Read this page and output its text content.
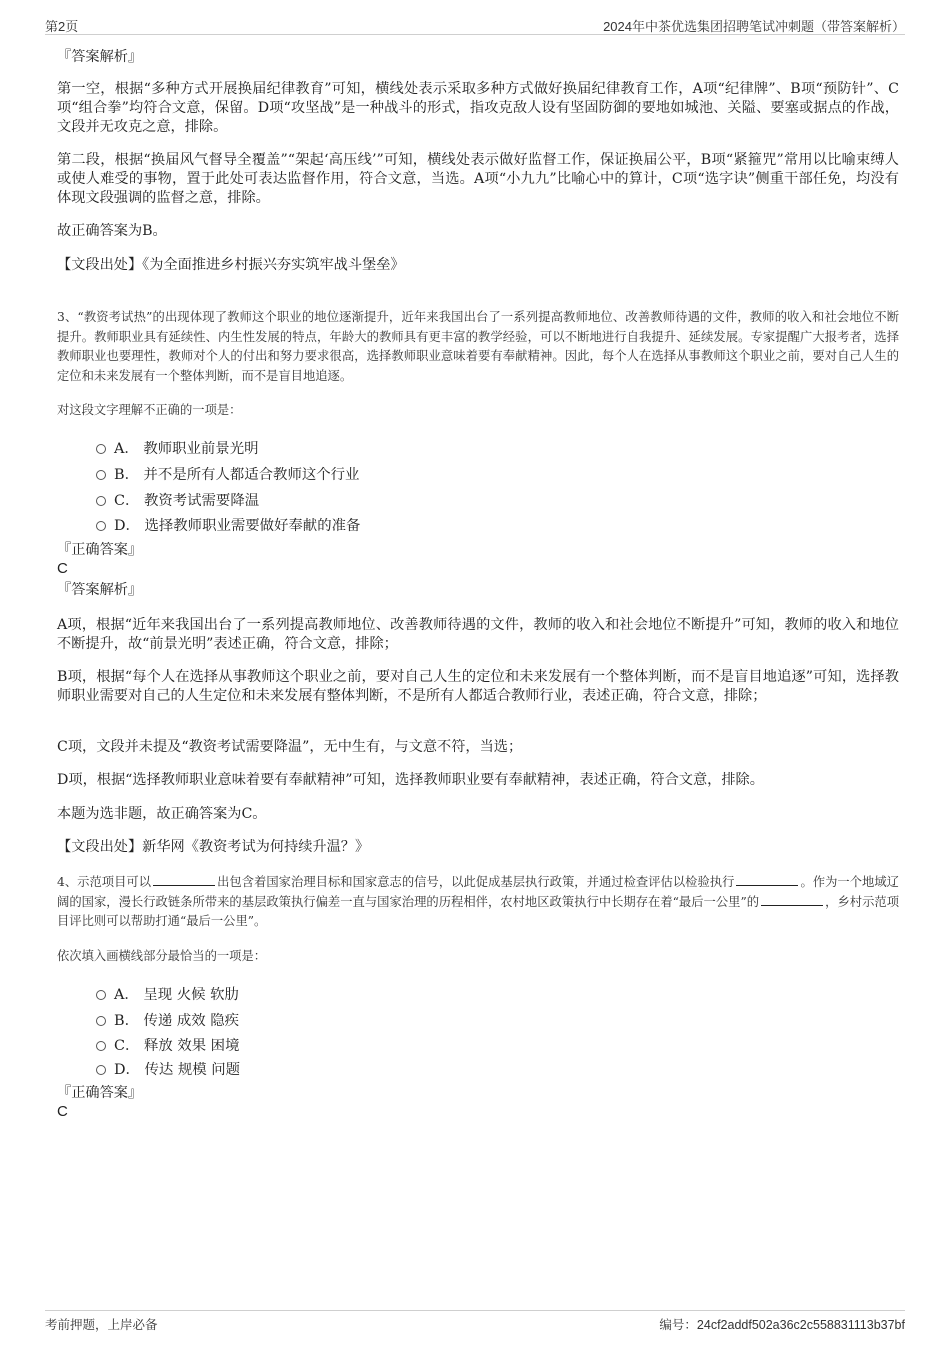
第2页	2024年中茶优选集团招聘笔试冲刺题（带答案解析）
『答案解析』

第一空，根据“多种方式开展换届纪律教育”可知，横线处表示采取多种方式做好换届纪律教育工作，A项“纪律牌”、B项“预防针”、C项“组合拳”均符合文意，保留。D项“攻坚战”是一种战斗的形式，指攻克敌人设有坚固防御的要地如城池、关隘、要塞或据点的作战，文段并无攻克之意，排除。

第二段，根据“换届风气督导全覆盖”“架起‘高压线’”可知，横线处表示做好监督工作，保证换届公平，B项“紧箍咒”常用以比喻束缚人或使人难受的事物，置于此处可表达监督作用，符合文意，当选。A项“小九九”比喻心中的算计，C项“选字诀”侧重干部任免，均没有体现文段强调的监督之意，排除。

故正确答案为B。

【文段出处】《为全面推进乡村振兴夯实筑牢战斗堡垒》

3、“教资考试热”的出现体现了教师这个职业的地位逐渐提升，近年来我国出台了一系列提高教师地位、改善教师待遇的文件，教师的收入和社会地位不断提升。教师职业具有延续性、内生性发展的特点，年龄大的教师具有更丰富的教学经验，可以不断地进行自我提升、延续发展。专家提醒广大报考者，选择教师职业也要理性，教师对个人的付出和努力要求很高，选择教师职业意味着要有奉献精神。因此，每个人在选择从事教师这个职业之前，要对自己人生的定位和未来发展有一个整体判断，而不是盲目地追逐。

对这段文字理解不正确的一项是：

A． 教师职业前景光明
B． 并不是所有人都适合教师这个行业
C． 教资考试需要降温
D． 选择教师职业需要做好奉献的准备
『正确答案』
C
『答案解析』

A项，根据“近年来我国出台了一系列提高教师地位、改善教师待遇的文件，教师的收入和社会地位不断提升”可知，教师的收入和地位不断提升，故“前景光明”表述正确，符合文意，排除；

B项，根据“每个人在选择从事教师这个职业之前，要对自己人生的定位和未来发展有一个整体判断，而不是盲目地追逐”可知，选择教师职业需要对自己的人生定位和未来发展有整体判断，不是所有人都适合教师行业，表述正确，符合文意，排除；

C项，文段并未提及“教资考试需要降温”，无中生有，与文意不符，当选；

D项，根据“选择教师职业意味着要有奉献精神”可知，选择教师职业要有奉献精神，表述正确，符合文意，排除。

本题为选非题，故正确答案为C。

【文段出处】新华网《教资考试为何持续升温？》

4、示范项目可以	出包含着国家治理目标和国家意志的信号，以此促成基层执行政策，并通过检查评估以检验执行	。作为一个地域辽阔的国家，漫长行政链条所带来的基层政策执行偏差一直与国家治理的历程相伴，农村地区政策执行中长期存在着“最后一公里”的	，乡村示范项目评比则可以帮助打通“最后一公里”。

依次填入画横线部分最恰当的一项是：

A． 呈现 火候 软肋
B． 传递 成效 隐疾
C． 释放 效果 困境
D． 传达 规模 问题
『正确答案』
C
考前押题，上岸必备	编号：24cf2addf502a36c2c558831113b37bf
